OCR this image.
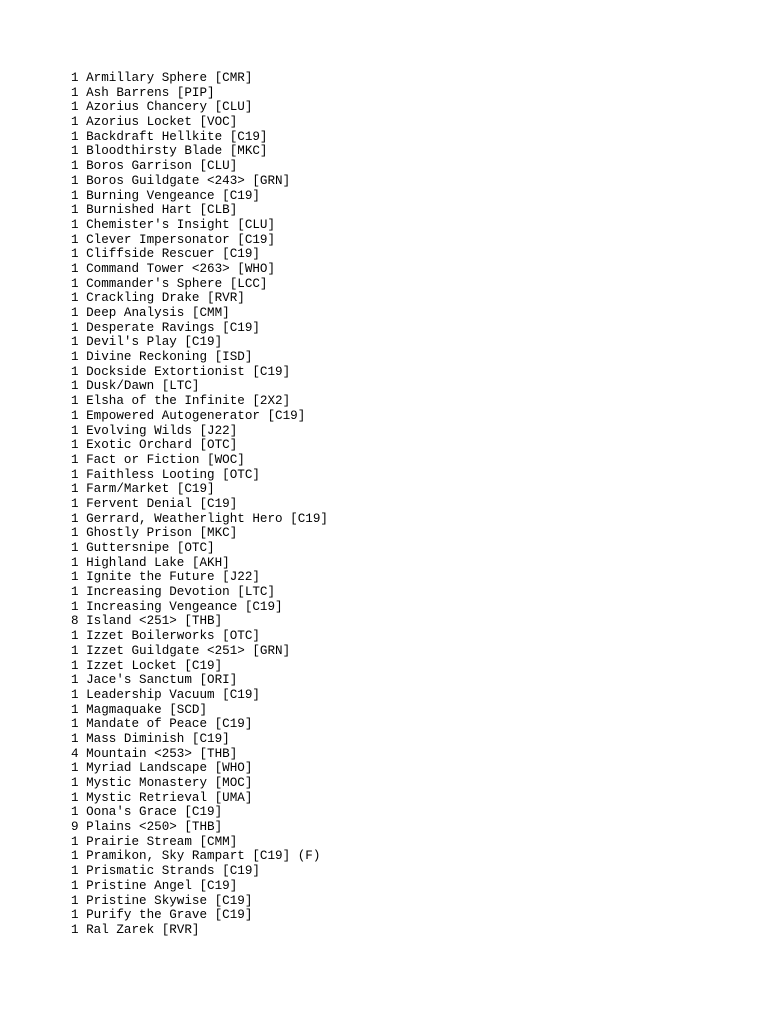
1 Armillary Sphere [CMR]
1 Ash Barrens [PIP]
1 Azorius Chancery [CLU]
1 Azorius Locket [VOC]
1 Backdraft Hellkite [C19]
1 Bloodthirsty Blade [MKC]
1 Boros Garrison [CLU]
1 Boros Guildgate <243> [GRN]
1 Burning Vengeance [C19]
1 Burnished Hart [CLB]
1 Chemister's Insight [CLU]
1 Clever Impersonator [C19]
1 Cliffside Rescuer [C19]
1 Command Tower <263> [WHO]
1 Commander's Sphere [LCC]
1 Crackling Drake [RVR]
1 Deep Analysis [CMM]
1 Desperate Ravings [C19]
1 Devil's Play [C19]
1 Divine Reckoning [ISD]
1 Dockside Extortionist [C19]
1 Dusk/Dawn [LTC]
1 Elsha of the Infinite [2X2]
1 Empowered Autogenerator [C19]
1 Evolving Wilds [J22]
1 Exotic Orchard [OTC]
1 Fact or Fiction [WOC]
1 Faithless Looting [OTC]
1 Farm/Market [C19]
1 Fervent Denial [C19]
1 Gerrard, Weatherlight Hero [C19]
1 Ghostly Prison [MKC]
1 Guttersnipe [OTC]
1 Highland Lake [AKH]
1 Ignite the Future [J22]
1 Increasing Devotion [LTC]
1 Increasing Vengeance [C19]
8 Island <251> [THB]
1 Izzet Boilerworks [OTC]
1 Izzet Guildgate <251> [GRN]
1 Izzet Locket [C19]
1 Jace's Sanctum [ORI]
1 Leadership Vacuum [C19]
1 Magmaquake [SCD]
1 Mandate of Peace [C19]
1 Mass Diminish [C19]
4 Mountain <253> [THB]
1 Myriad Landscape [WHO]
1 Mystic Monastery [MOC]
1 Mystic Retrieval [UMA]
1 Oona's Grace [C19]
9 Plains <250> [THB]
1 Prairie Stream [CMM]
1 Pramikon, Sky Rampart [C19] (F)
1 Prismatic Strands [C19]
1 Pristine Angel [C19]
1 Pristine Skywise [C19]
1 Purify the Grave [C19]
1 Ral Zarek [RVR]
